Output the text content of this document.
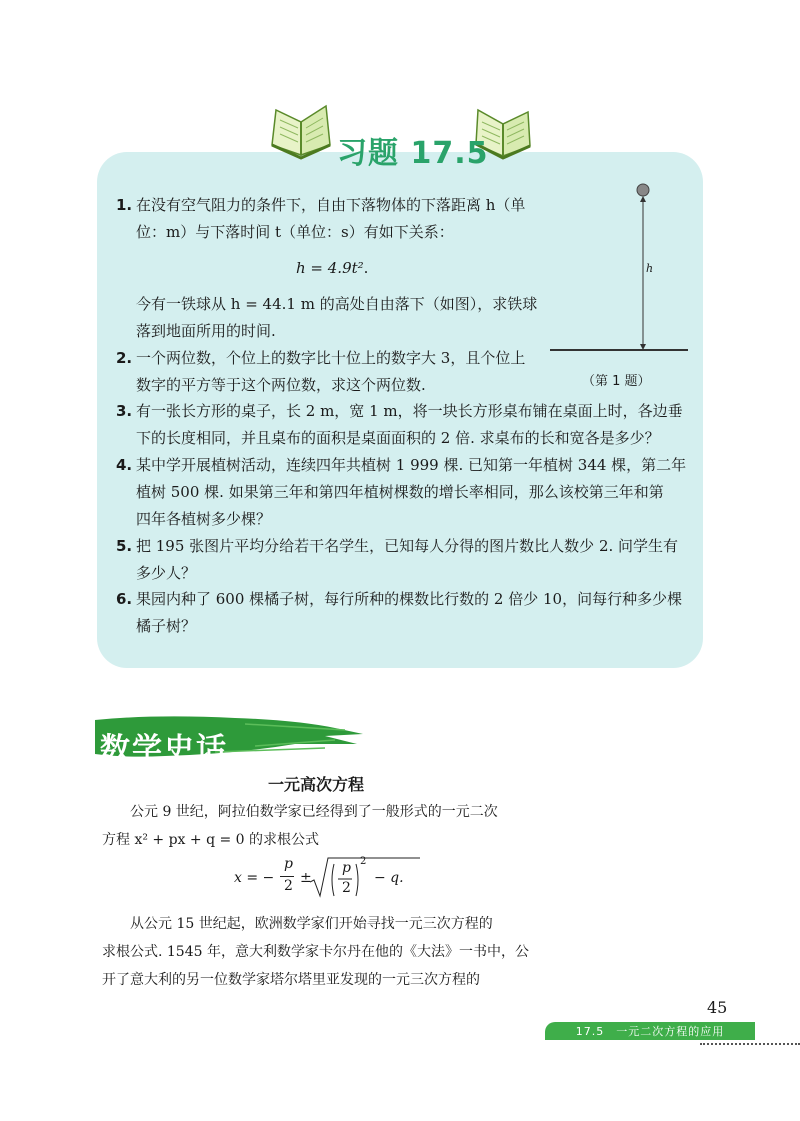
习题 17.5
1. 在没有空气阻力的条件下，自由下落物体的下落距离 h（单
位：m）与下落时间 t（单位：s）有如下关系：
h = 4.9t².
今有一铁球从 h = 44.1 m 的高处自由落下（如图），求铁球
落到地面所用的时间.
h
（第 1 题）
2. 一个两位数，个位上的数字比十位上的数字大 3，且个位上
数字的平方等于这个两位数，求这个两位数.
3. 有一张长方形的桌子，长 2 m，宽 1 m，将一块长方形桌布铺在桌面上时，各边垂
下的长度相同，并且桌布的面积是桌面面积的 2 倍. 求桌布的长和宽各是多少？
4. 某中学开展植树活动，连续四年共植树 1 999 棵. 已知第一年植树 344 棵，第二年
植树 500 棵. 如果第三年和第四年植树棵数的增长率相同，那么该校第三年和第
四年各植树多少棵？
5. 把 195 张图片平均分给若干名学生，已知每人分得的图片数比人数少 2. 问学生有
多少人？
6. 果园内种了 600 棵橘子树，每行所种的棵数比行数的 2 倍少 10，问每行种多少棵
橘子树？
数学史话
一元高次方程
公元 9 世纪，阿拉伯数学家已经得到了一般形式的一元二次
方程 x² + px + q = 0 的求根公式
x = −
p
2 ±
p
2
2
− q.
从公元 15 世纪起，欧洲数学家们开始寻找一元三次方程的
求根公式. 1545 年，意大利数学家卡尔丹在他的《大法》一书中，公
开了意大利的另一位数学家塔尔塔里亚发现的一元三次方程的
45
17.5　一元二次方程的应用
